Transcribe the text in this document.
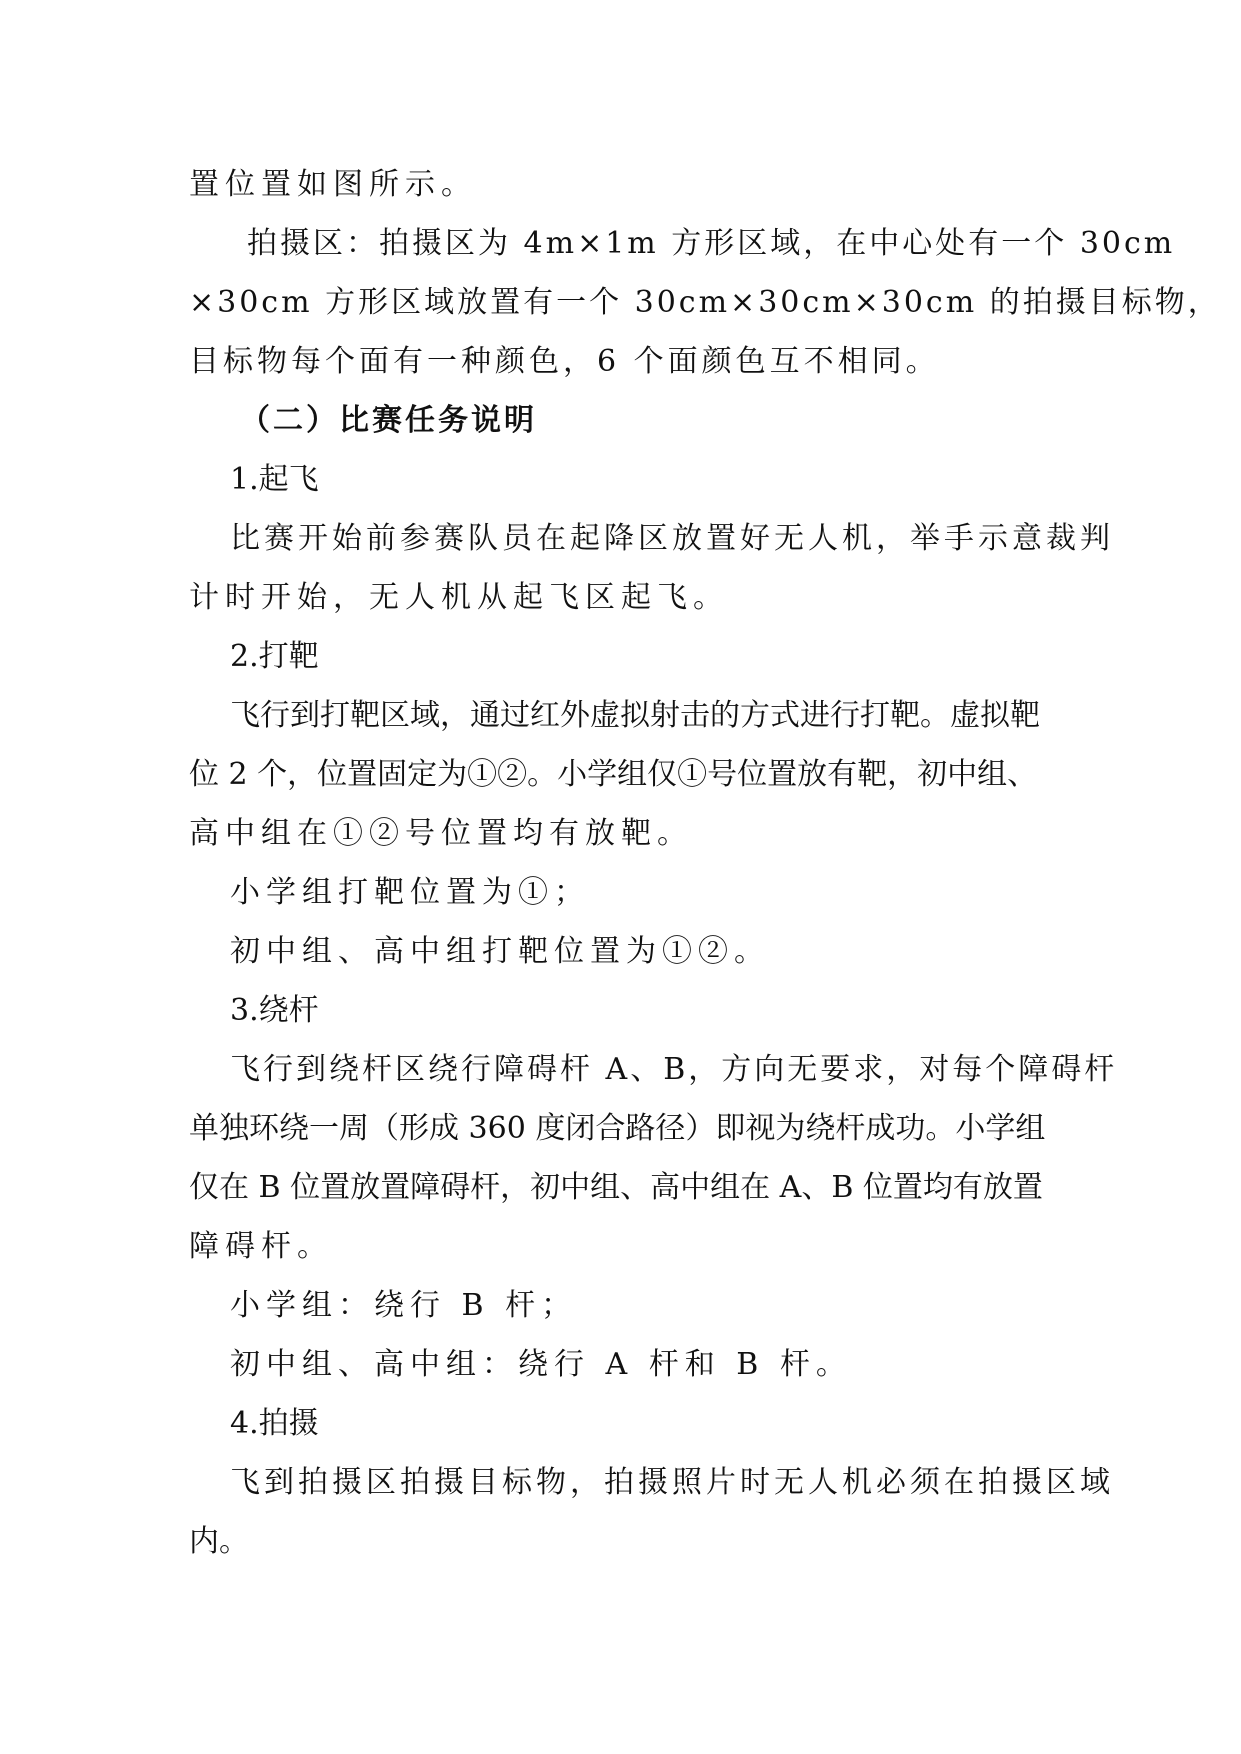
置位置如图所示。
拍摄区：拍摄区为 4m×1m 方形区域，在中心处有一个 30cm
×30cm 方形区域放置有一个 30cm×30cm×30cm 的拍摄目标物，
目标物每个面有一种颜色，6 个面颜色互不相同。
（二）比赛任务说明
1.起飞
比赛开始前参赛队员在起降区放置好无人机，举手示意裁判
计时开始，无人机从起飞区起飞。
2.打靶
飞行到打靶区域，通过红外虚拟射击的方式进行打靶。虚拟靶
位 2 个，位置固定为①②。小学组仅①号位置放有靶，初中组、
高中组在①②号位置均有放靶。
小学组打靶位置为①；
初中组、高中组打靶位置为①②。
3.绕杆
飞行到绕杆区绕行障碍杆 A、B，方向无要求，对每个障碍杆
单独环绕一周（形成 360 度闭合路径）即视为绕杆成功。小学组
仅在 B 位置放置障碍杆，初中组、高中组在 A、B 位置均有放置
障碍杆。
小学组：绕行 B 杆；
初中组、高中组：绕行 A 杆和 B 杆。
4.拍摄
飞到拍摄区拍摄目标物，拍摄照片时无人机必须在拍摄区域
内。
